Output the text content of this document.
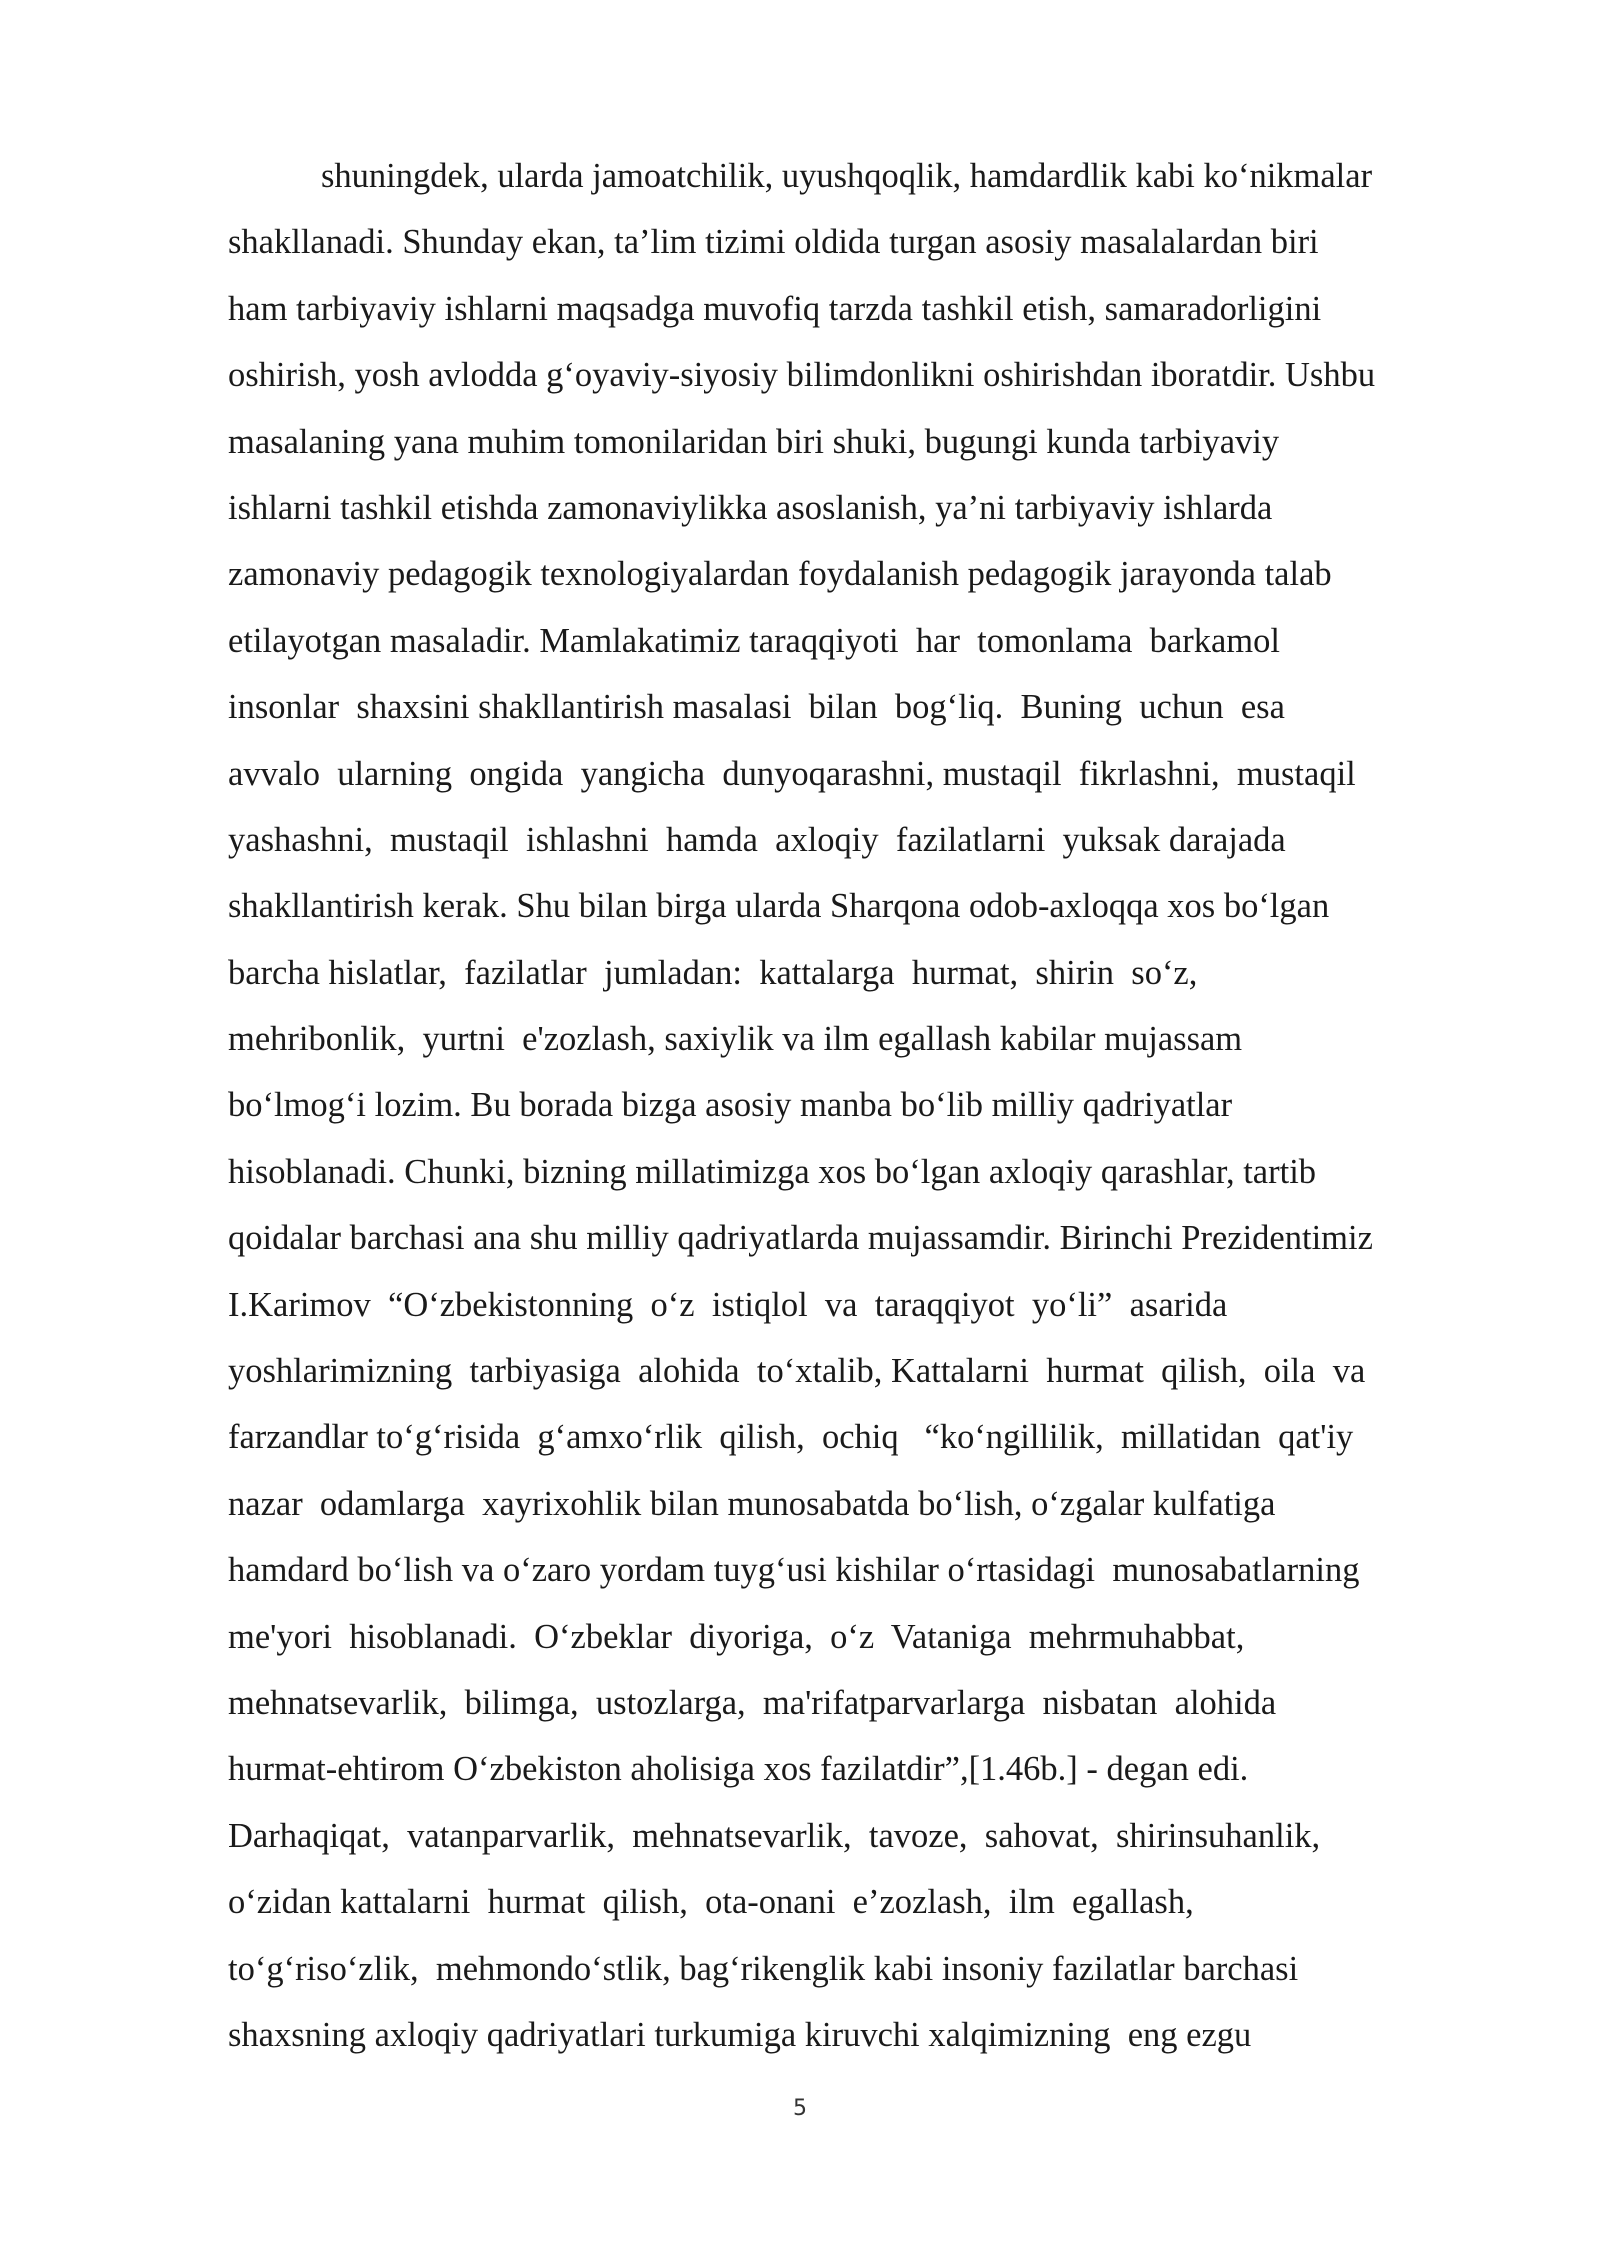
shuningdek, ularda jamoatchilik, uyushqoqlik, hamdardlik kabi ko‘nikmalar
shakllanadi. Shunday ekan, ta’lim tizimi oldida turgan asosiy masalalardan biri
ham tarbiyaviy ishlarni maqsadga muvofiq tarzda tashkil etish, samaradorligini
oshirish, yosh avlodda g‘oyaviy-siyosiy bilimdonlikni oshirishdan iboratdir. Ushbu
masalaning yana muhim tomonilaridan biri shuki, bugungi kunda tarbiyaviy
ishlarni tashkil etishda zamonaviylikka asoslanish, ya’ni tarbiyaviy ishlarda
zamonaviy pedagogik texnologiyalardan foydalanish pedagogik jarayonda talab
etilayotgan masaladir. Mamlakatimiz taraqqiyoti  har  tomonlama  barkamol
insonlar  shaxsini shakllantirish masalasi  bilan  bog‘liq.  Buning  uchun  esa
avvalo  ularning  ongida  yangicha  dunyoqarashni, mustaqil  fikrlashni,  mustaqil
yashashni,  mustaqil  ishlashni  hamda  axloqiy  fazilatlarni  yuksak darajada
shakllantirish kerak. Shu bilan birga ularda Sharqona odob-axloqqa xos bo‘lgan
barcha hislatlar,  fazilatlar  jumladan:  kattalarga  hurmat,  shirin  so‘z,
mehribonlik,  yurtni  e'zozlash, saxiylik va ilm egallash kabilar mujassam
bo‘lmog‘i lozim. Bu borada bizga asosiy manba bo‘lib milliy qadriyatlar
hisoblanadi. Chunki, bizning millatimizga xos bo‘lgan axloqiy qarashlar, tartib
qoidalar barchasi ana shu milliy qadriyatlarda mujassamdir. Birinchi Prezidentimiz
I.Karimov  “O‘zbekistonning  o‘z  istiqlol  va  taraqqiyot  yo‘li”  asarida
yoshlarimizning  tarbiyasiga  alohida  to‘xtalib, Kattalarni  hurmat  qilish,  oila  va
farzandlar to‘g‘risida  g‘amxo‘rlik  qilish,  ochiq   “ko‘ngillilik,  millatidan  qat'iy
nazar  odamlarga  xayrixohlik bilan munosabatda bo‘lish, o‘zgalar kulfatiga
hamdard bo‘lish va o‘zaro yordam tuyg‘usi kishilar o‘rtasidagi  munosabatlarning
me'yori  hisoblanadi.  O‘zbeklar  diyoriga,  o‘z  Vataniga  mehrmuhabbat,
mehnatsevarlik,  bilimga,  ustozlarga,  ma'rifatparvarlarga  nisbatan  alohida
hurmat-ehtirom O‘zbekiston aholisiga xos fazilatdir”,[1.46b.] - degan edi.
Darhaqiqat,  vatanparvarlik,  mehnatsevarlik,  tavoze,  sahovat,  shirinsuhanlik,
o‘zidan kattalarni  hurmat  qilish,  ota-onani  e’zozlash,  ilm  egallash,
to‘g‘riso‘zlik,  mehmondo‘stlik, bag‘rikenglik kabi insoniy fazilatlar barchasi
shaxsning axloqiy qadriyatlari turkumiga kiruvchi xalqimizning  eng ezgu
5
